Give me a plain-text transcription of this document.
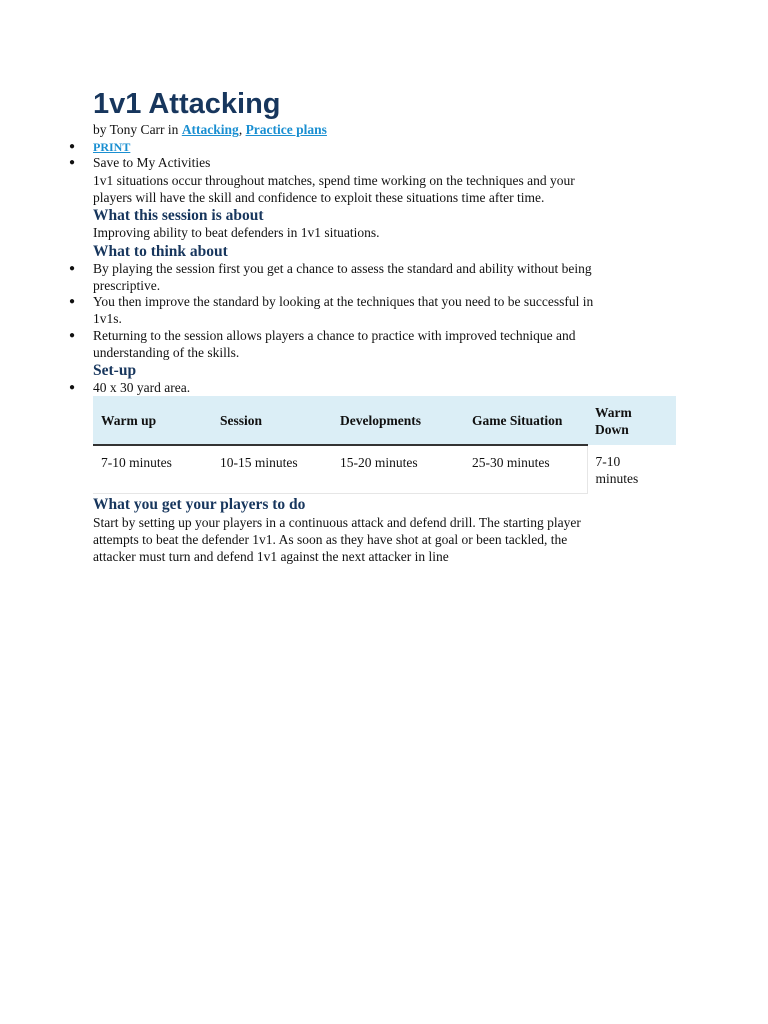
1v1 Attacking
by Tony Carr in Attacking, Practice plans
● PRINT
● Save to My Activities
1v1 situations occur throughout matches, spend time working on the techniques and your
players will have the skill and confidence to exploit these situations time after time.
What this session is about
Improving ability to beat defenders in 1v1 situations.
What to think about
● By playing the session first you get a chance to assess the standard and ability without being
prescriptive.
● You then improve the standard by looking at the techniques that you need to be successful in
1v1s.
● Returning to the session allows players a chance to practice with improved technique and
understanding of the skills.
Set-up
● 40 x 30 yard area.
Warm up	Session	Developments	Game Situation	Warm
Down
7-10 minutes	10-15 minutes	15-20 minutes	25-30 minutes	7-10
minutes
What you get your players to do
Start by setting up your players in a continuous attack and defend drill. The starting player
attempts to beat the defender 1v1. As soon as they have shot at goal or been tackled, the
attacker must turn and defend 1v1 against the next attacker in line
